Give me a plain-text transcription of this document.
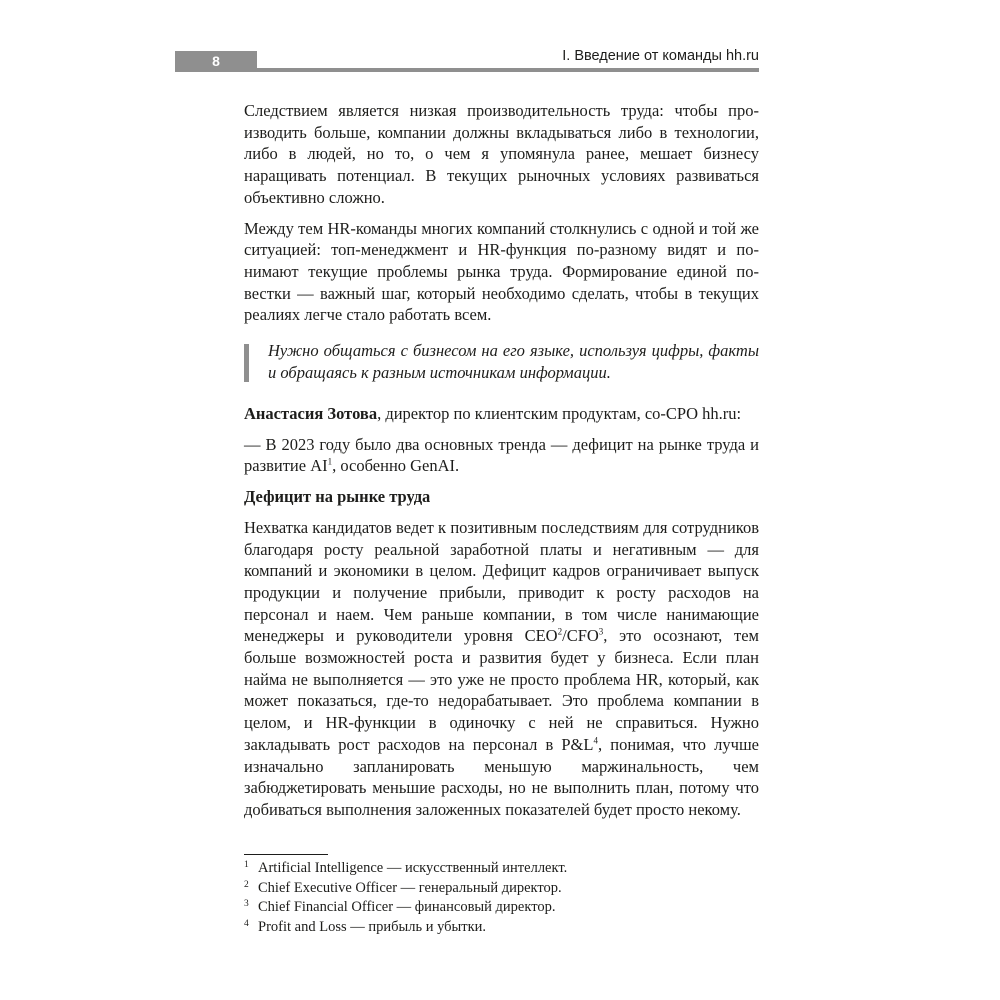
8	I. Введение от команды hh.ru

Следствием является низкая производительность труда: чтобы производить больше, компании должны вкладываться либо в технологии, либо в людей, но то, о чем я упомянула ранее, мешает бизнесу наращивать потенциал. В текущих рыночных условиях развиваться объективно сложно.

Между тем HR-команды многих компаний столкнулись с одной и той же ситуацией: топ-менеджмент и HR-функция по-разному видят и понимают текущие проблемы рынка труда. Формирование единой повестки — важный шаг, который необходимо сделать, чтобы в текущих реалиях легче стало работать всем.

Нужно общаться с бизнесом на его языке, используя цифры, факты и обращаясь к разным источникам информации.

Анастасия Зотова, директор по клиентским продуктам, co-CPO hh.ru:

— В 2023 году было два основных тренда — дефицит на рынке труда и развитие $AI^1$, особенно GenAI.

Дефицит на рынке труда

Нехватка кандидатов ведет к позитивным последствиям для сотрудников благодаря росту реальной заработной платы и негативным — для компаний и экономики в целом. Дефицит кадров ограничивает выпуск продукции и получение прибыли, приводит к росту расходов на персонал и наем. Чем раньше компании, в том числе нанимающие менеджеры и руководители уровня CEO$^2$/CFO$^3$, это осознают, тем больше возможностей роста и развития будет у бизнеса. Если план найма не выполняется — это уже не просто проблема HR, который, как может показаться, где-то недорабатывает. Это проблема компании в целом, и HR-функции в одиночку с ней не справиться. Нужно закладывать рост расходов на персонал в $P\&L^4$, понимая, что лучше изначально запланировать меньшую маржинальность, чем забюджетировать меньшие расходы, но не выполнить план, потому что добиваться выполнения заложенных показателей будет просто некому.

1 Artificial Intelligence — искусственный интеллект.
2 Chief Executive Officer — генеральный директор.
3 Chief Financial Officer — финансовый директор.
4 Profit and Loss — прибыль и убытки.
